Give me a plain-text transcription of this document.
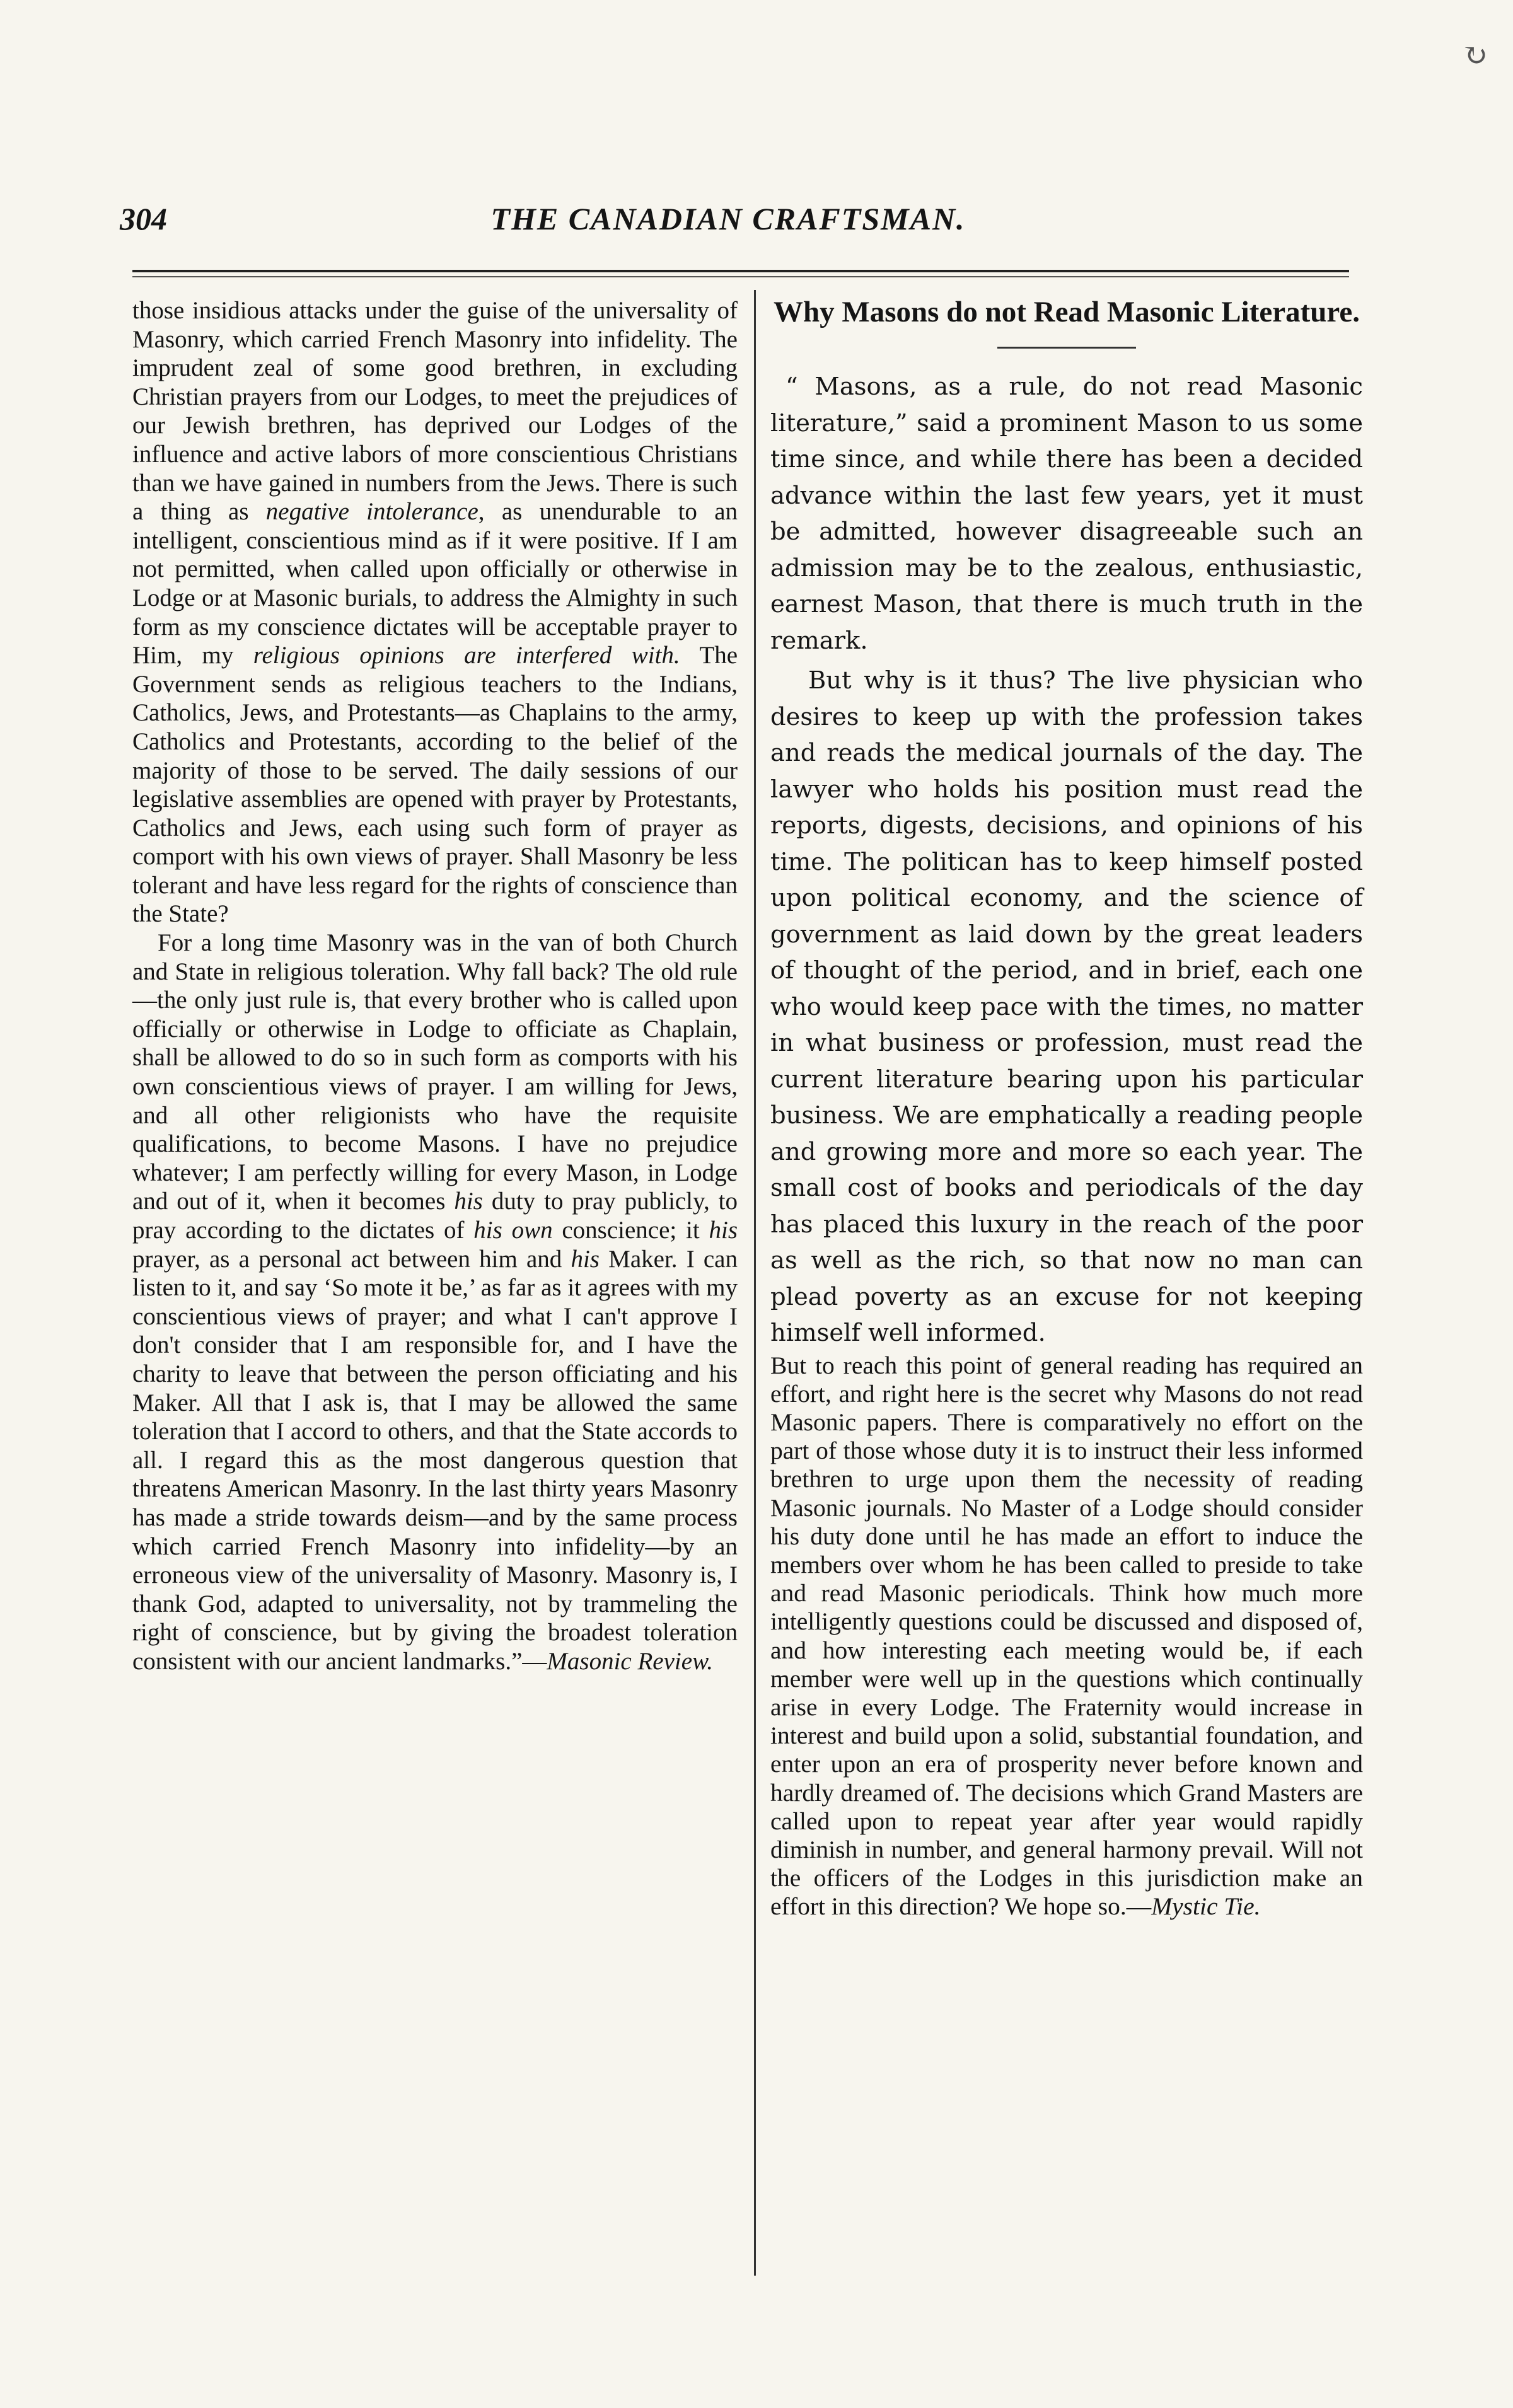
↻
304	THE CANADIAN CRAFTSMAN.

those insidious attacks under the guise of the universality of Masonry, which carried French Masonry into infidelity. The imprudent zeal of some good brethren, in excluding Christian prayers from our Lodges, to meet the prejudices of our Jewish brethren, has deprived our Lodges of the influence and active labors of more conscientious Christians than we have gained in numbers from the Jews. There is such a thing as negative intolerance, as unendurable to an intelligent, conscientious mind as if it were positive. If I am not permitted, when called upon officially or otherwise in Lodge or at Masonic burials, to address the Almighty in such form as my conscience dictates will be acceptable prayer to Him, my religious opinions are interfered with. The Government sends as religious teachers to the Indians, Catholics, Jews, and Protestants—as Chaplains to the army, Catholics and Protestants, according to the belief of the majority of those to be served. The daily sessions of our legislative assemblies are opened with prayer by Protestants, Catholics and Jews, each using such form of prayer as comport with his own views of prayer. Shall Masonry be less tolerant and have less regard for the rights of conscience than the State?

For a long time Masonry was in the van of both Church and State in religious toleration. Why fall back? The old rule —the only just rule is, that every brother who is called upon officially or otherwise in Lodge to officiate as Chaplain, shall be allowed to do so in such form as comports with his own conscientious views of prayer. I am willing for Jews, and all other religionists who have the requisite qualifications, to become Masons. I have no prejudice whatever; I am perfectly willing for every Mason, in Lodge and out of it, when it becomes his duty to pray publicly, to pray according to the dictates of his own conscience; it his prayer, as a personal act between him and his Maker. I can listen to it, and say ‘So mote it be,’ as far as it agrees with my conscientious views of prayer; and what I can't approve I don't consider that I am responsible for, and I have the charity to leave that between the person officiating and his Maker. All that I ask is, that I may be allowed the same toleration that I accord to others, and that the State accords to all. I regard this as the most dangerous question that threatens American Masonry. In the last thirty years Masonry has made a stride towards deism—and by the same process which carried French Masonry into infidelity—by an erroneous view of the universality of Masonry. Masonry is, I thank God, adapted to universality, not by trammeling the right of conscience, but by giving the broadest toleration consistent with our ancient landmarks.”—Masonic Review.

Why Masons do not Read Masonic Literature.

“ Masons, as a rule, do not read Masonic literature,” said a prominent Mason to us some time since, and while there has been a decided advance within the last few years, yet it must be admitted, however disagreeable such an admission may be to the zealous, enthusiastic, earnest Mason, that there is much truth in the remark.

But why is it thus? The live physician who desires to keep up with the profession takes and reads the medical journals of the day. The lawyer who holds his position must read the reports, digests, decisions, and opinions of his time. The politican has to keep himself posted upon political economy, and the science of government as laid down by the great leaders of thought of the period, and in brief, each one who would keep pace with the times, no matter in what business or profession, must read the current literature bearing upon his particular business. We are emphatically a reading people and growing more and more so each year. The small cost of books and periodicals of the day has placed this luxury in the reach of the poor as well as the rich, so that now no man can plead poverty as an excuse for not keeping himself well informed.

But to reach this point of general reading has required an effort, and right here is the secret why Masons do not read Masonic papers. There is comparatively no effort on the part of those whose duty it is to instruct their less informed brethren to urge upon them the necessity of reading Masonic journals. No Master of a Lodge should consider his duty done until he has made an effort to induce the members over whom he has been called to preside to take and read Masonic periodicals. Think how much more intelligently questions could be discussed and disposed of, and how interesting each meeting would be, if each member were well up in the questions which continually arise in every Lodge. The Fraternity would increase in interest and build upon a solid, substantial foundation, and enter upon an era of prosperity never before known and hardly dreamed of. The decisions which Grand Masters are called upon to repeat year after year would rapidly diminish in number, and general harmony prevail. Will not the officers of the Lodges in this jurisdiction make an effort in this direction? We hope so.—Mystic Tie.
